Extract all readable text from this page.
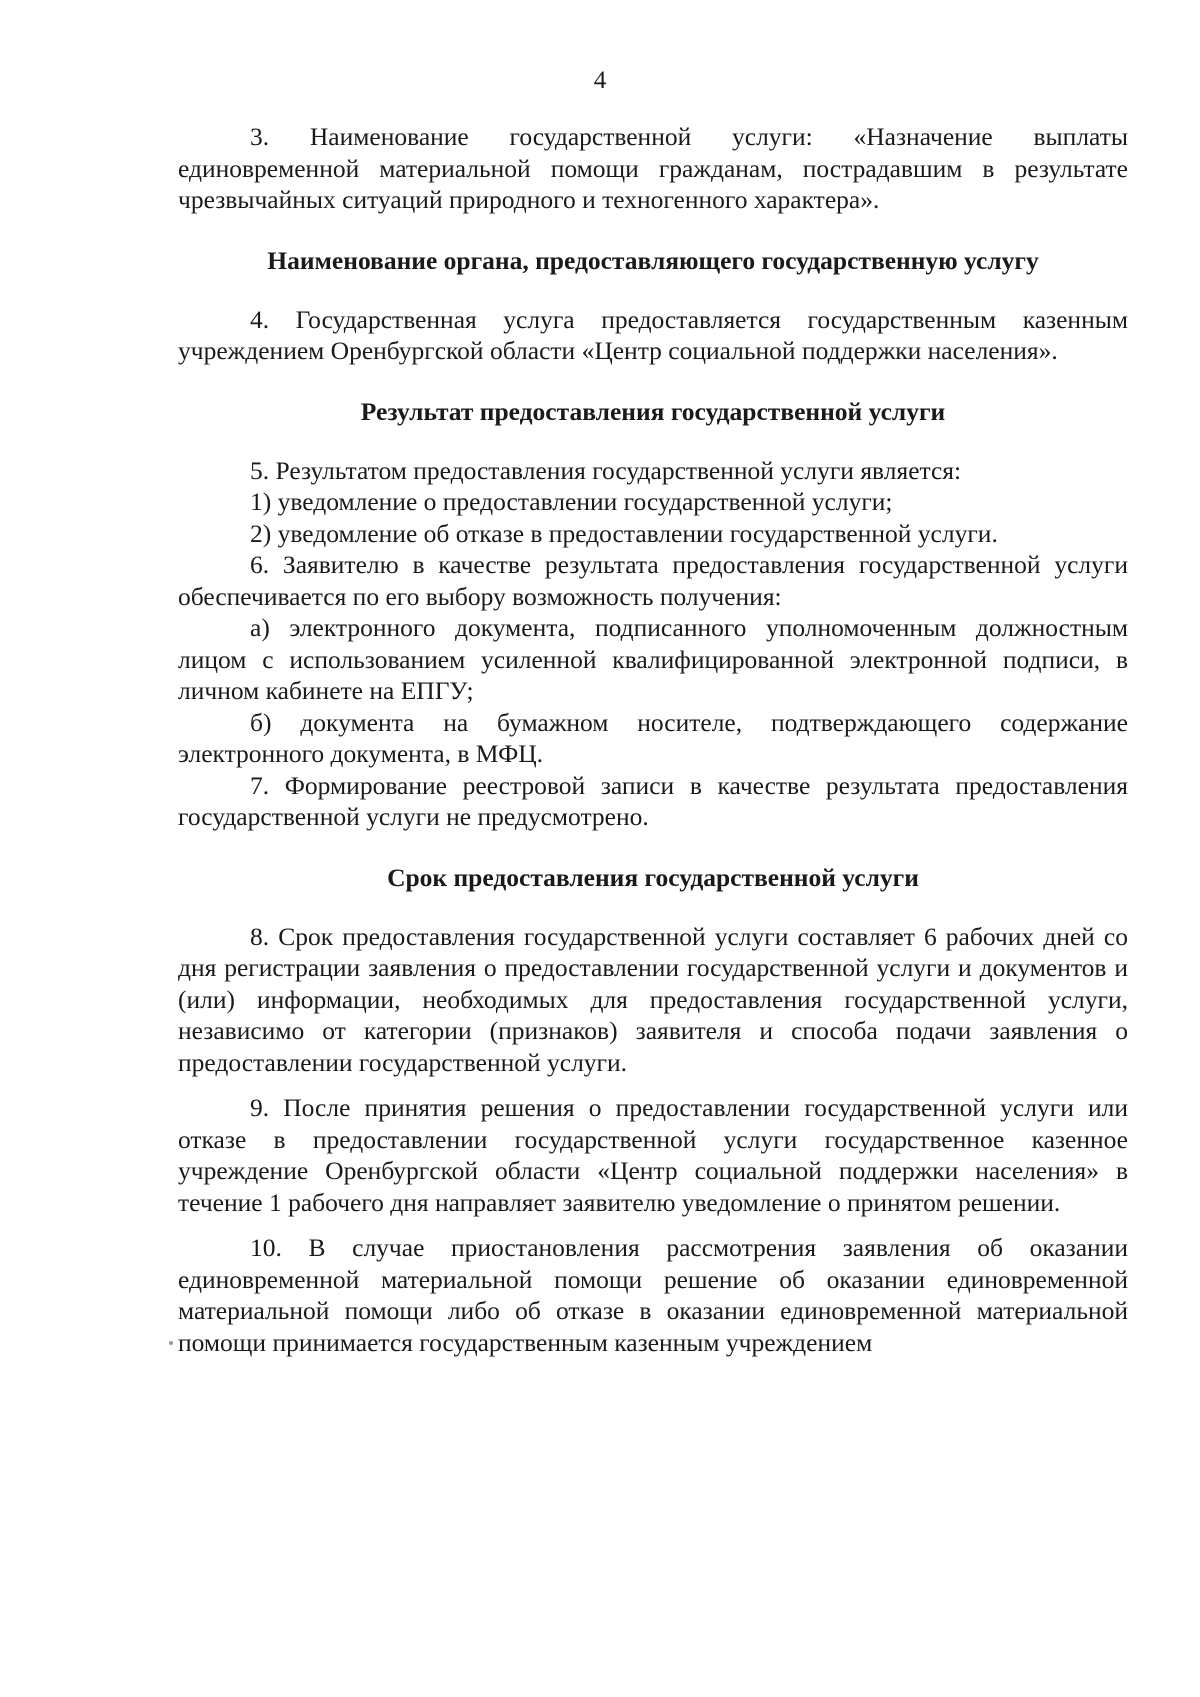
4

3. Наименование государственной услуги: «Назначение выплаты единовременной материальной помощи гражданам, пострадавшим в результате чрезвычайных ситуаций природного и техногенного характера».

Наименование органа, предоставляющего государственную услугу

4. Государственная услуга предоставляется государственным казенным учреждением Оренбургской области «Центр социальной поддержки населения».

Результат предоставления государственной услуги

5. Результатом предоставления государственной услуги является:

1) уведомление о предоставлении государственной услуги;

2) уведомление об отказе в предоставлении государственной услуги.

6. Заявителю в качестве результата предоставления государственной услуги обеспечивается по его выбору возможность получения:

а) электронного документа, подписанного уполномоченным должностным лицом с использованием усиленной квалифицированной электронной подписи, в личном кабинете на ЕПГУ;

б) документа на бумажном носителе, подтверждающего содержание электронного документа, в МФЦ.

7. Формирование реестровой записи в качестве результата предоставления государственной услуги не предусмотрено.

Срок предоставления государственной услуги

8. Срок предоставления государственной услуги составляет 6 рабочих дней со дня регистрации заявления о предоставлении государственной услуги и документов и (или) информации, необходимых для предоставления государственной услуги, независимо от категории (признаков) заявителя и способа подачи заявления о предоставлении государственной услуги.

9. После принятия решения о предоставлении государственной услуги или отказе в предоставлении государственной услуги государственное казенное учреждение Оренбургской области «Центр социальной поддержки населения» в течение 1 рабочего дня направляет заявителю уведомление о принятом решении.

10. В случае приостановления рассмотрения заявления об оказании единовременной материальной помощи решение об оказании единовременной материальной помощи либо об отказе в оказании единовременной материальной помощи принимается государственным казенным учреждением
